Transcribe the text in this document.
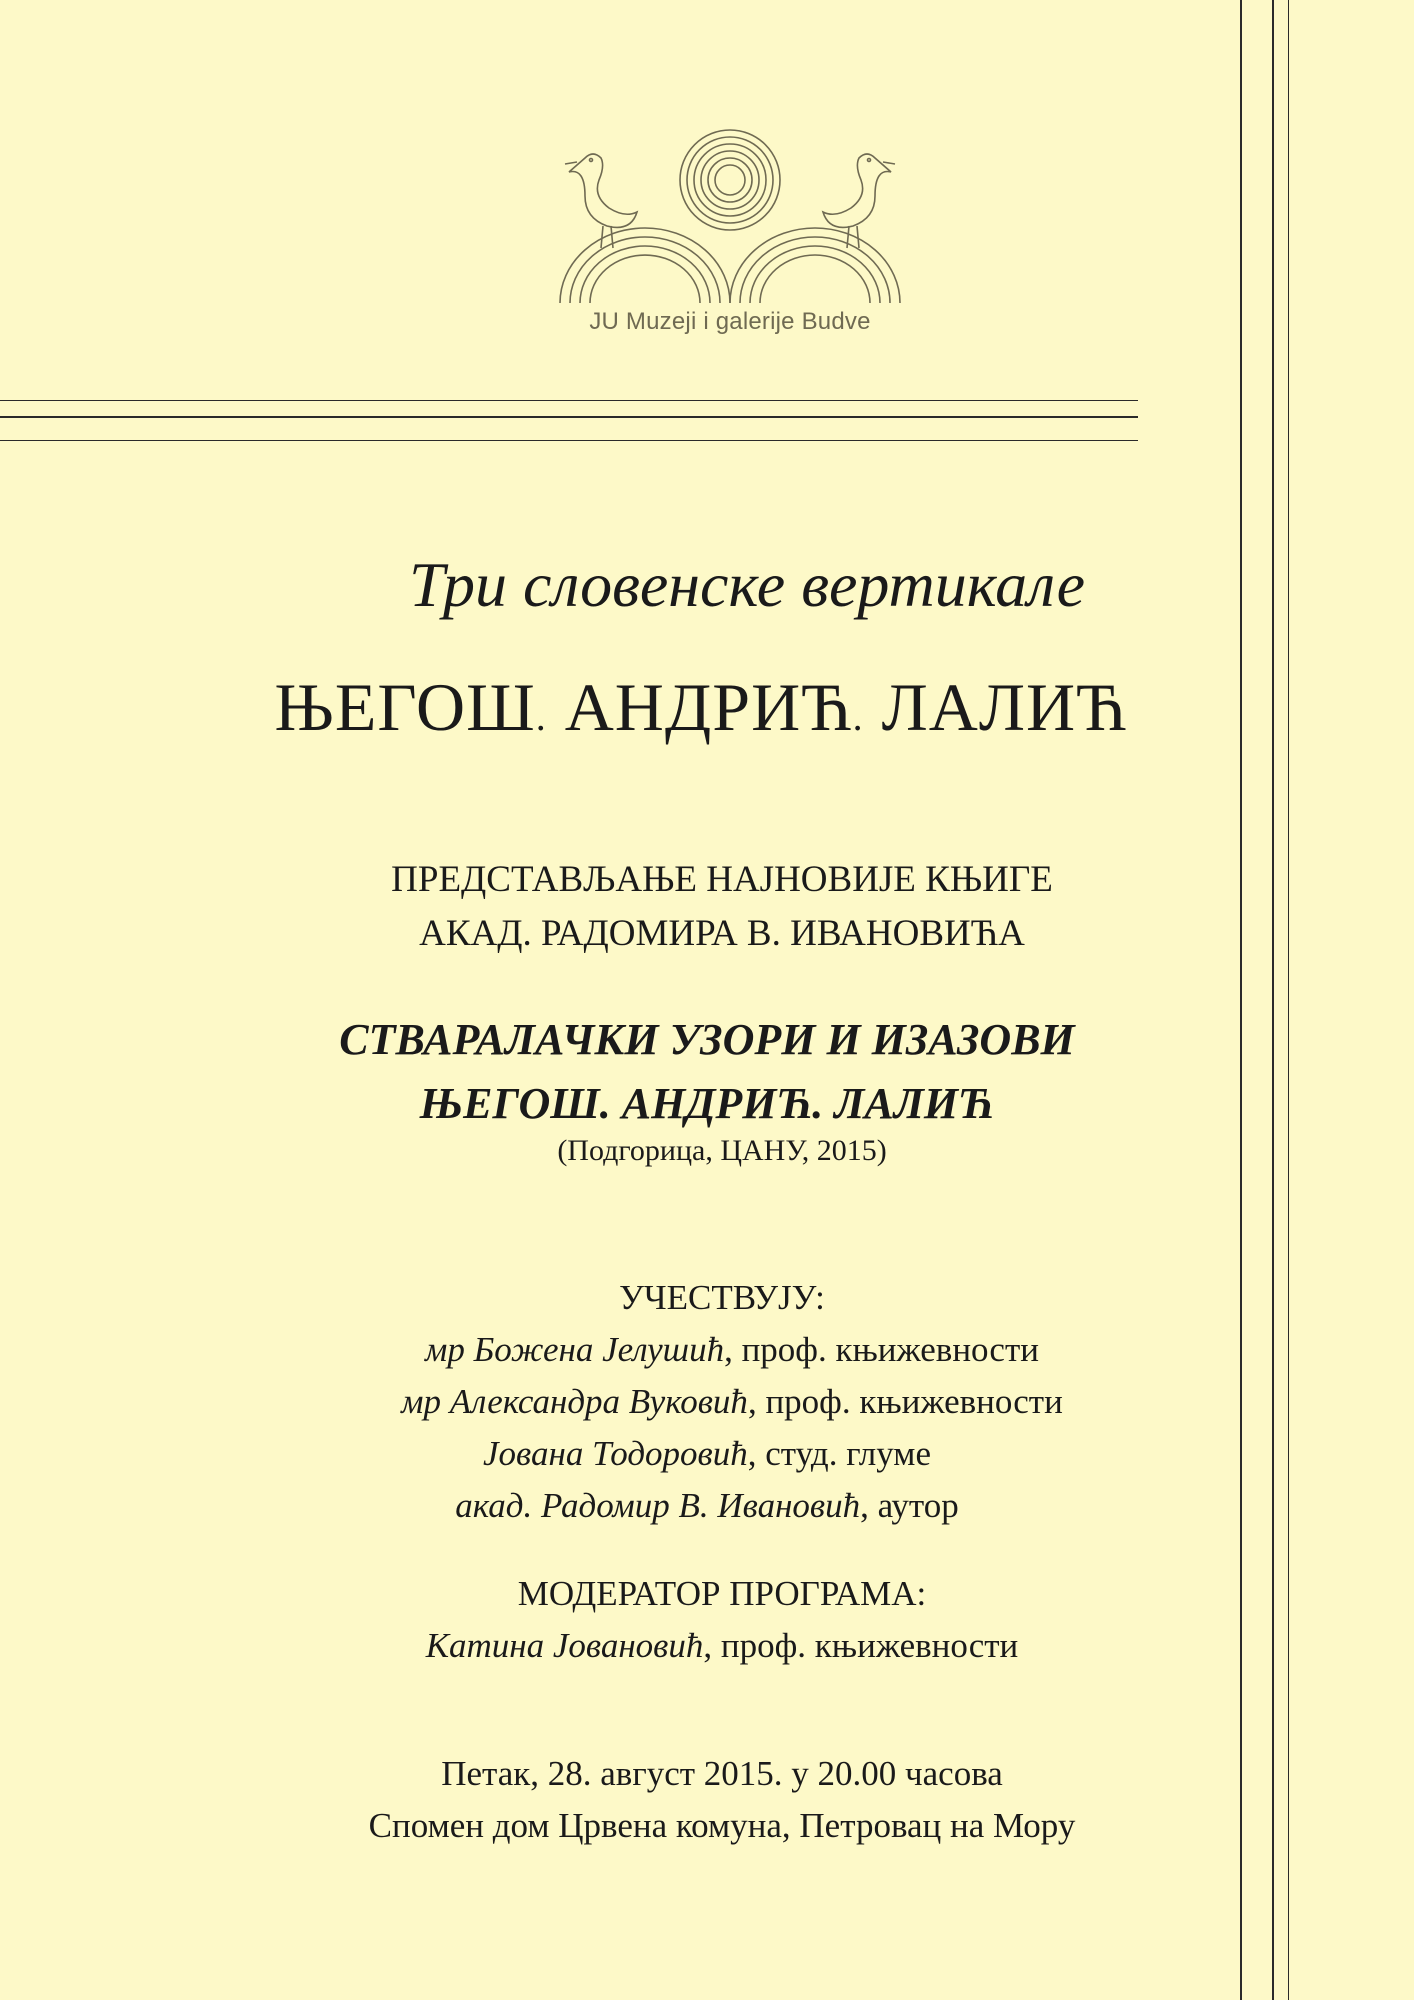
JU Muzeji i galerije Budve
Три словенске вертикале
ЊЕГОШ. АНДРИЋ. ЛАЛИЋ
ПРЕДСТАВЉАЊЕ НАЈНОВИЈЕ КЊИГЕ
АКАД. РАДОМИРА В. ИВАНОВИЋА
СТВАРАЛАЧКИ УЗОРИ И ИЗАЗОВИ
ЊЕГОШ. АНДРИЋ. ЛАЛИЋ
(Подгорица, ЦАНУ, 2015)
УЧЕСТВУЈУ:
мр Божена Јелушић, проф. књижевности
мр Александра Вуковић, проф. књижевности
Јована Тодоровић, студ. глуме
акад. Радомир В. Ивановић, аутор
МОДЕРАТОР ПРОГРАМА:
Катина Јовановић, проф. књижевности
Петак, 28. август 2015. у 20.00 часова
Спомен дом Црвена комуна, Петровац на Мору
